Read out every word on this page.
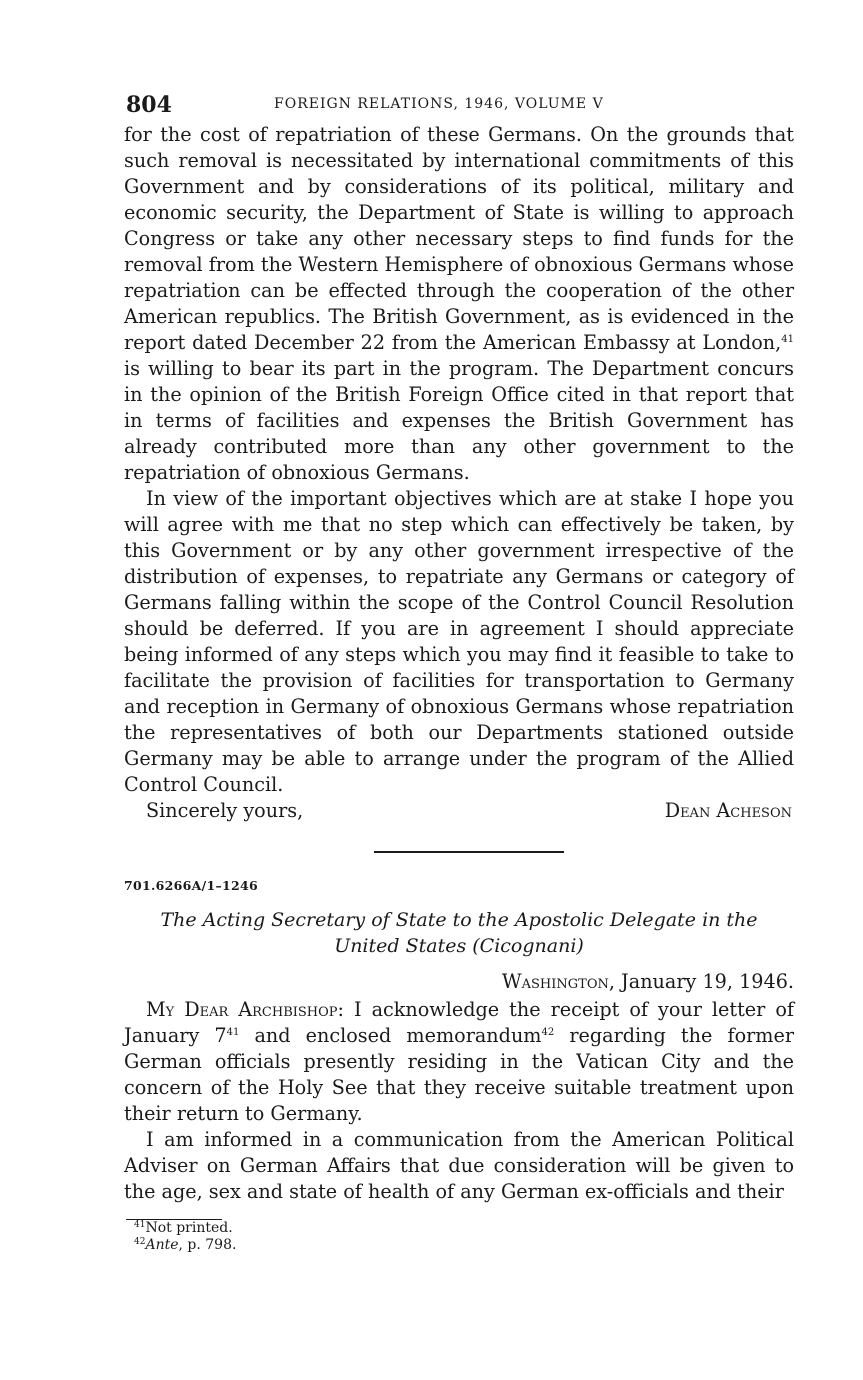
804	FOREIGN RELATIONS, 1946, VOLUME V

for the cost of repatriation of these Germans. On the grounds that such removal is necessitated by international commitments of this Government and by considerations of its political, military and economic security, the Department of State is willing to approach Congress or take any other necessary steps to find funds for the removal from the Western Hemisphere of obnoxious Germans whose repatriation can be effected through the cooperation of the other American republics. The British Government, as is evidenced in the report dated December 22 from the American Embassy at London,$^{41}$ is willing to bear its part in the program. The Department concurs in the opinion of the British Foreign Office cited in that report that in terms of facilities and expenses the British Government has already contributed more than any other government to the repatriation of obnoxious Germans.

In view of the important objectives which are at stake I hope you will agree with me that no step which can effectively be taken, by this Government or by any other government irrespective of the distribution of expenses, to repatriate any Germans or category of Germans falling within the scope of the Control Council Resolution should be deferred. If you are in agreement I should appreciate being informed of any steps which you may find it feasible to take to facilitate the provision of facilities for transportation to Germany and reception in Germany of obnoxious Germans whose repatriation the representatives of both our Departments stationed outside Germany may be able to arrange under the program of the Allied Control Council.

Sincerely yours,	Dean Acheson
701.6266A/1–1246
The Acting Secretary of State to the Apostolic Delegate in the United States (Cicognani)
Washington, January 19, 1946.

My Dear Archbishop: I acknowledge the receipt of your letter of January $7^{41}$ and enclosed memorandum$^{42}$ regarding the former German officials presently residing in the Vatican City and the concern of the Holy See that they receive suitable treatment upon their return to Germany.

I am informed in a communication from the American Political Adviser on German Affairs that due consideration will be given to the age, sex and state of health of any German ex-officials and their

$^{41}$Not printed.
$^{42}$Ante, p. 798.
